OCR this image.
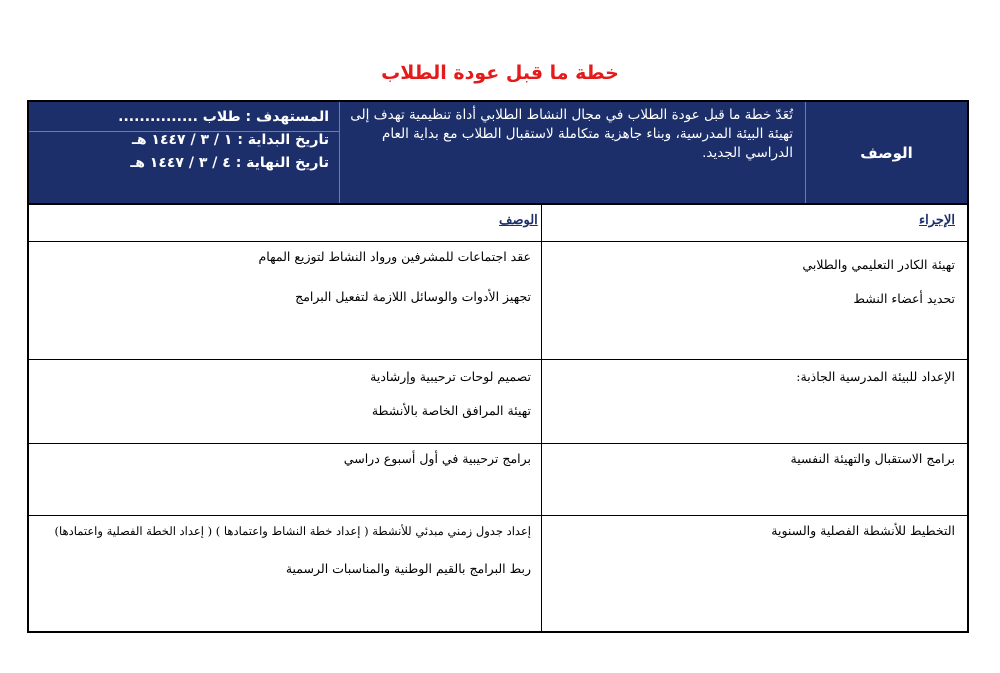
خطة ما قبل عودة الطلاب
الوصف
تُعَدّ خطة ما قبل عودة الطلاب في مجال النشاط الطلابي أداة تنظيمية تهدف إلى تهيئة البيئة المدرسية، وبناء جاهزية متكاملة لاستقبال الطلاب مع بداية العام الدراسي الجديد.
المستهدف : طلاب ...............
تاريخ البداية : ١ / ٣ / ١٤٤٧ هـ
تاريخ النهاية : ٤ / ٣ / ١٤٤٧ هـ
الإجراء
الوصف
تهيئة الكادر التعليمي والطلابي
تحديد أعضاء النشط
عقد اجتماعات للمشرفين ورواد النشاط لتوزيع المهام
تجهيز الأدوات والوسائل اللازمة لتفعيل البرامج
الإعداد للبيئة المدرسية الجاذبة:
تصميم لوحات ترحيبية وإرشادية
تهيئة المرافق الخاصة بالأنشطة
برامج الاستقبال والتهيئة النفسية
برامج ترحيبية في أول أسبوع دراسي
التخطيط للأنشطة الفصلية والسنوية
إعداد جدول زمني مبدئي للأنشطة ( إعداد خطة النشاط واعتمادها ) ( إعداد الخطة الفصلية واعتمادها)
ربط البرامج بالقيم الوطنية والمناسبات الرسمية
